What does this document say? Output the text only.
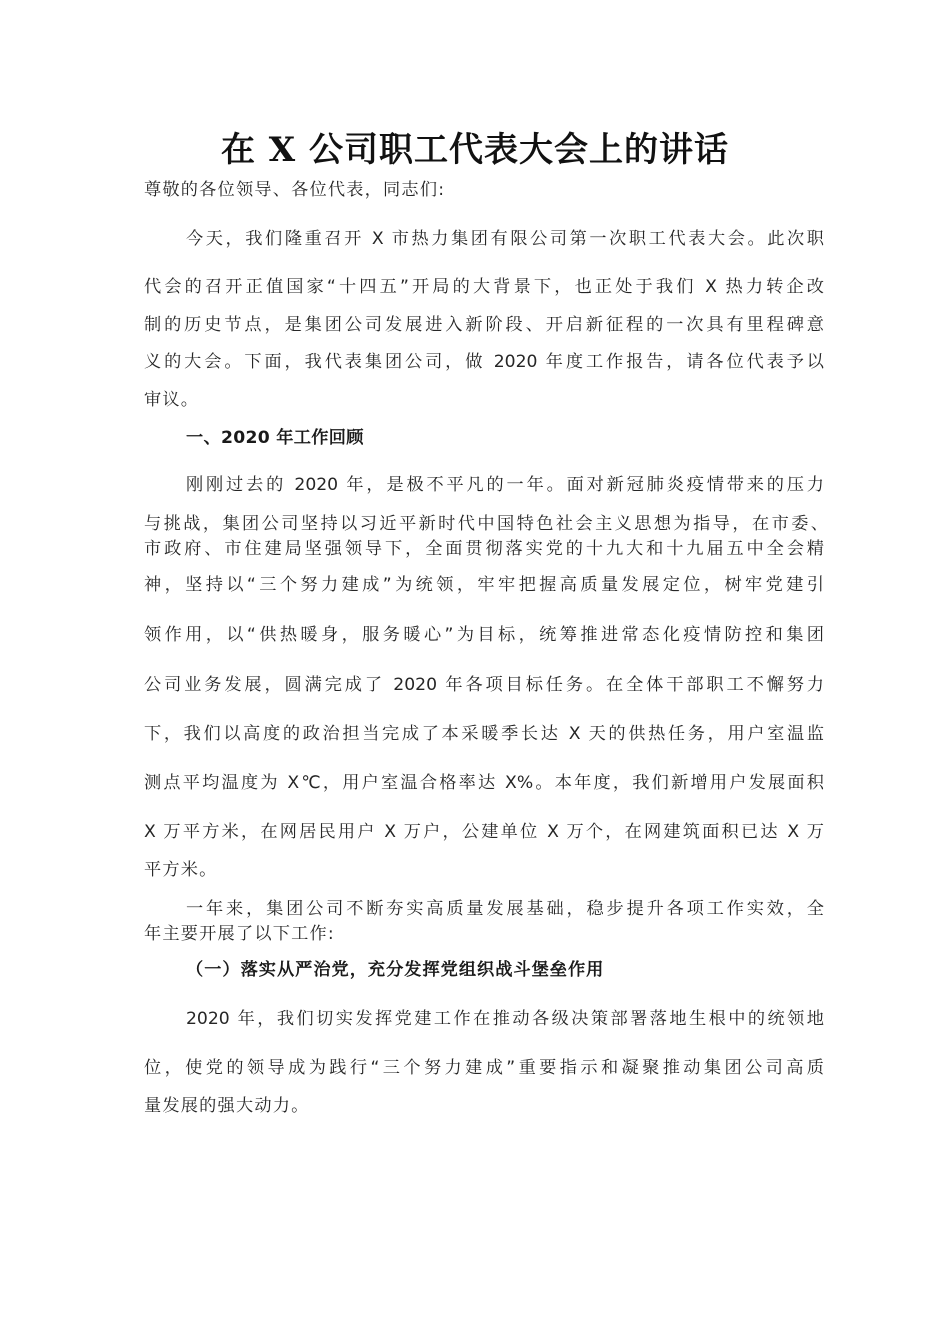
在 X 公司职工代表大会上的讲话
尊敬的各位领导、各位代表，同志们:
今天，我们隆重召开 X 市热力集团有限公司第一次职工代表大会。此次职
代会的召开正值国家“十四五”开局的大背景下，也正处于我们 X 热力转企改
制的历史节点，是集团公司发展进入新阶段、开启新征程的一次具有里程碑意
义的大会。下面，我代表集团公司，做 2020 年度工作报告，请各位代表予以
审议。
一、2020 年工作回顾
刚刚过去的 2020 年，是极不平凡的一年。面对新冠肺炎疫情带来的压力
与挑战，集团公司坚持以习近平新时代中国特色社会主义思想为指导，在市委、
市政府、市住建局坚强领导下，全面贯彻落实党的十九大和十九届五中全会精
神，坚持以“三个努力建成”为统领，牢牢把握高质量发展定位，树牢党建引
领作用，以“供热暖身，服务暖心”为目标，统筹推进常态化疫情防控和集团
公司业务发展，圆满完成了 2020 年各项目标任务。在全体干部职工不懈努力
下，我们以高度的政治担当完成了本采暖季长达 X 天的供热任务，用户室温监
测点平均温度为 X℃，用户室温合格率达 X%。本年度，我们新增用户发展面积
X 万平方米，在网居民用户 X 万户，公建单位 X 万个，在网建筑面积已达 X 万
平方米。
一年来，集团公司不断夯实高质量发展基础，稳步提升各项工作实效，全
年主要开展了以下工作:
（一）落实从严治党，充分发挥党组织战斗堡垒作用
2020 年，我们切实发挥党建工作在推动各级决策部署落地生根中的统领地
位，使党的领导成为践行“三个努力建成”重要指示和凝聚推动集团公司高质
量发展的强大动力。
